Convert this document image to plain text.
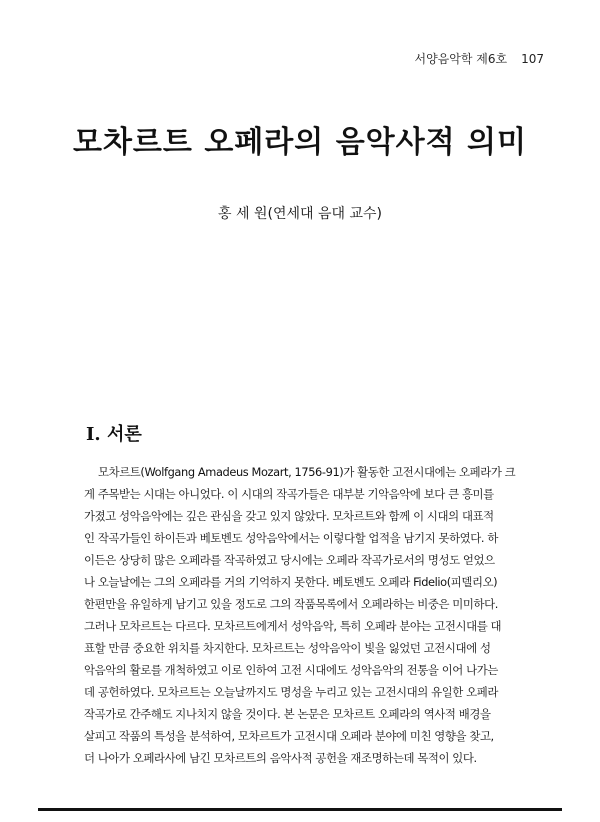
서양음악학 제6호 107
모차르트 오페라의 음악사적 의미
홍 세 원(연세대 음대 교수)
I. 서론
모차르트(Wolfgang Amadeus Mozart, 1756-91)가 활동한 고전시대에는 오페라가 크
게 주목받는 시대는 아니었다. 이 시대의 작곡가들은 대부분 기악음악에 보다 큰 흥미를
가졌고 성악음악에는 깊은 관심을 갖고 있지 않았다. 모차르트와 함께 이 시대의 대표적
인 작곡가들인 하이든과 베토벤도 성악음악에서는 이렇다할 업적을 남기지 못하였다. 하
이든은 상당히 많은 오페라를 작곡하였고 당시에는 오페라 작곡가로서의 명성도 얻었으
나 오늘날에는 그의 오페라를 거의 기억하지 못한다. 베토벤도 오페라 Fidelio(피델리오)
한편만을 유일하게 남기고 있을 정도로 그의 작품목록에서 오페라하는 비중은 미미하다.
그러나 모차르트는 다르다. 모차르트에게서 성악음악, 특히 오페라 분야는 고전시대를 대
표할 만큼 중요한 위치를 차지한다. 모차르트는 성악음악이 빛을 잃었던 고전시대에 성
악음악의 활로를 개척하였고 이로 인하여 고전 시대에도 성악음악의 전통을 이어 나가는
데 공헌하였다. 모차르트는 오늘날까지도 명성을 누리고 있는 고전시대의 유일한 오페라
작곡가로 간주해도 지나치지 않을 것이다. 본 논문은 모차르트 오페라의 역사적 배경을
살피고 작품의 특성을 분석하여, 모차르트가 고전시대 오페라 분야에 미친 영향을 찾고,
더 나아가 오페라사에 남긴 모차르트의 음악사적 공헌을 재조명하는데 목적이 있다.
